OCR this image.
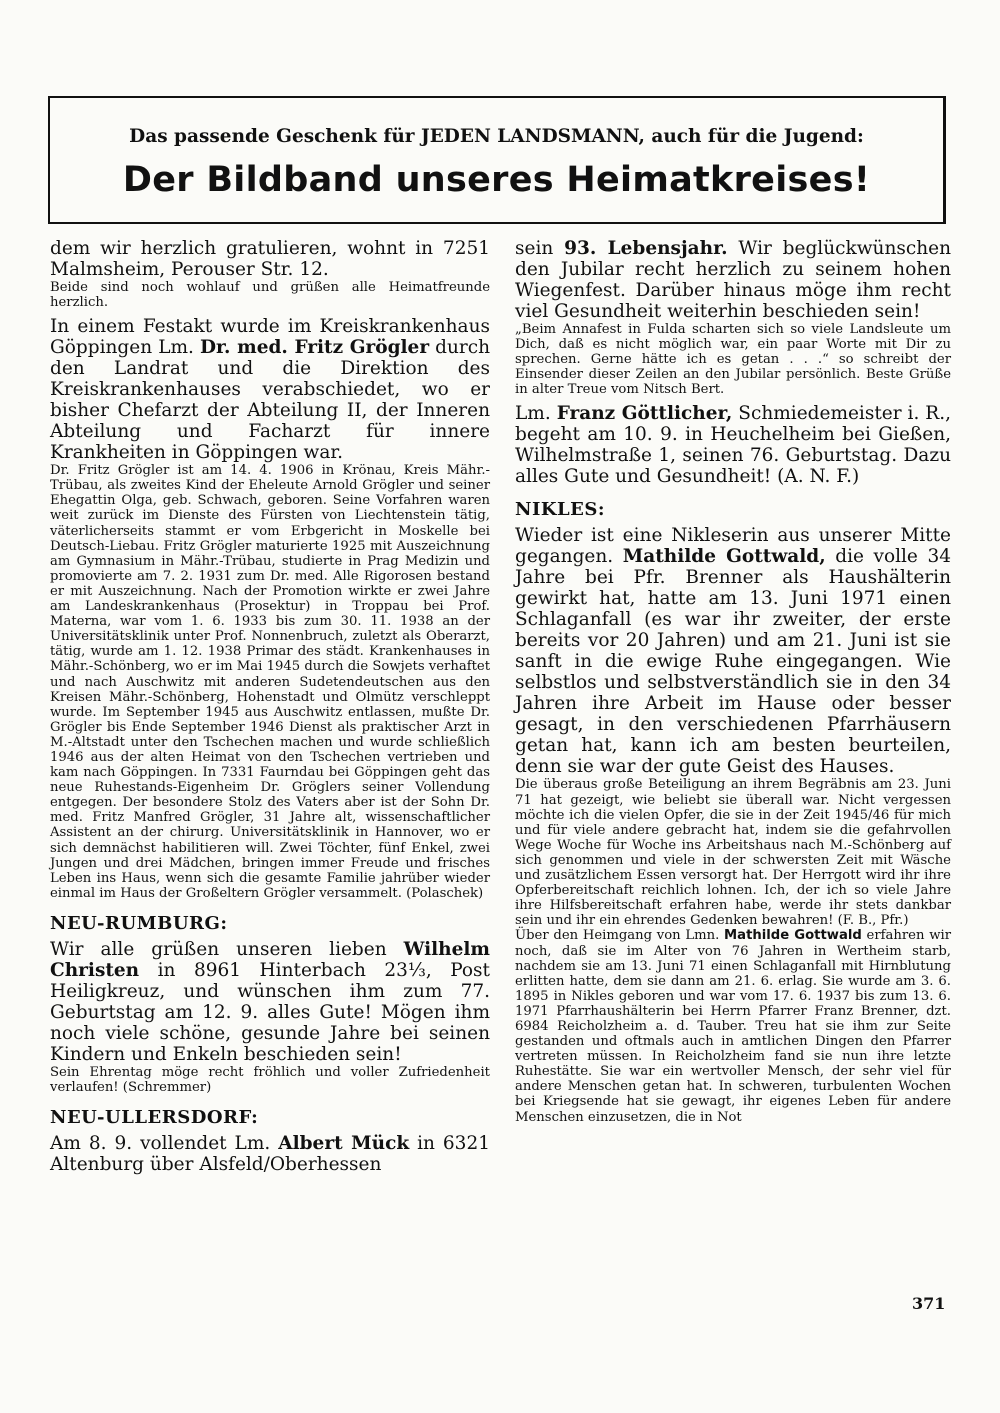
Das passende Geschenk für JEDEN LANDSMANN, auch für die Jugend:
Der Bildband unseres Heimatkreises!

dem wir herzlich gratulieren, wohnt in 7251 Malmsheim, Perouser Str. 12.

Beide sind noch wohlauf und grüßen alle Heimatfreunde herzlich.

In einem Festakt wurde im Kreiskrankenhaus Göppingen Lm. Dr. med. Fritz Grögler durch den Landrat und die Direktion des Kreiskrankenhauses verabschiedet, wo er bisher Chefarzt der Abteilung II, der Inneren Abteilung und Facharzt für innere Krankheiten in Göppingen war.

Dr. Fritz Grögler ist am 14. 4. 1906 in Krönau, Kreis Mähr.-Trübau, als zweites Kind der Eheleute Arnold Grögler und seiner Ehegattin Olga, geb. Schwach, geboren. Seine Vorfahren waren weit zurück im Dienste des Fürsten von Liechtenstein tätig, väterlicherseits stammt er vom Erbgericht in Moskelle bei Deutsch-Liebau. Fritz Grögler maturierte 1925 mit Auszeichnung am Gymnasium in Mähr.-Trübau, studierte in Prag Medizin und promovierte am 7. 2. 1931 zum Dr. med. Alle Rigorosen bestand er mit Auszeichnung. Nach der Promotion wirkte er zwei Jahre am Landeskrankenhaus (Prosektur) in Troppau bei Prof. Materna, war vom 1. 6. 1933 bis zum 30. 11. 1938 an der Universitätsklinik unter Prof. Nonnenbruch, zuletzt als Oberarzt, tätig, wurde am 1. 12. 1938 Primar des städt. Krankenhauses in Mähr.-Schönberg, wo er im Mai 1945 durch die Sowjets verhaftet und nach Auschwitz mit anderen Sudetendeutschen aus den Kreisen Mähr.-Schönberg, Hohenstadt und Olmütz verschleppt wurde. Im September 1945 aus Auschwitz entlassen, mußte Dr. Grögler bis Ende September 1946 Dienst als praktischer Arzt in M.-Altstadt unter den Tschechen machen und wurde schließlich 1946 aus der alten Heimat von den Tschechen vertrieben und kam nach Göppingen. In 7331 Faurndau bei Göppingen geht das neue Ruhestands-Eigenheim Dr. Gröglers seiner Vollendung entgegen. Der besondere Stolz des Vaters aber ist der Sohn Dr. med. Fritz Manfred Grögler, 31 Jahre alt, wissenschaftlicher Assistent an der chirurg. Universitätsklinik in Hannover, wo er sich demnächst habilitieren will. Zwei Töchter, fünf Enkel, zwei Jungen und drei Mädchen, bringen immer Freude und frisches Leben ins Haus, wenn sich die gesamte Familie jahrüber wieder einmal im Haus der Großeltern Grögler versammelt. (Polaschek)

NEU-RUMBURG:

Wir alle grüßen unseren lieben Wilhelm Christen in 8961 Hinterbach 23⅓, Post Heiligkreuz, und wünschen ihm zum 77. Geburtstag am 12. 9. alles Gute! Mögen ihm noch viele schöne, gesunde Jahre bei seinen Kindern und Enkeln beschieden sein!

Sein Ehrentag möge recht fröhlich und voller Zufriedenheit verlaufen! (Schremmer)

NEU-ULLERSDORF:

Am 8. 9. vollendet Lm. Albert Mück in 6321 Altenburg über Alsfeld/Oberhessen

sein 93. Lebensjahr. Wir beglückwünschen den Jubilar recht herzlich zu seinem hohen Wiegenfest. Darüber hinaus möge ihm recht viel Gesundheit weiterhin beschieden sein!

„Beim Annafest in Fulda scharten sich so viele Landsleute um Dich, daß es nicht möglich war, ein paar Worte mit Dir zu sprechen. Gerne hätte ich es getan . . .“ so schreibt der Einsender dieser Zeilen an den Jubilar persönlich. Beste Grüße in alter Treue vom Nitsch Bert.

Lm. Franz Göttlicher, Schmiedemeister i. R., begeht am 10. 9. in Heuchelheim bei Gießen, Wilhelmstraße 1, seinen 76. Geburtstag. Dazu alles Gute und Gesundheit! (A. N. F.)

NIKLES:

Wieder ist eine Nikleserin aus unserer Mitte gegangen. Mathilde Gottwald, die volle 34 Jahre bei Pfr. Brenner als Haushälterin gewirkt hat, hatte am 13. Juni 1971 einen Schlaganfall (es war ihr zweiter, der erste bereits vor 20 Jahren) und am 21. Juni ist sie sanft in die ewige Ruhe eingegangen. Wie selbstlos und selbstverständlich sie in den 34 Jahren ihre Arbeit im Hause oder besser gesagt, in den verschiedenen Pfarrhäusern getan hat, kann ich am besten beurteilen, denn sie war der gute Geist des Hauses.

Die überaus große Beteiligung an ihrem Begräbnis am 23. Juni 71 hat gezeigt, wie beliebt sie überall war. Nicht vergessen möchte ich die vielen Opfer, die sie in der Zeit 1945/46 für mich und für viele andere gebracht hat, indem sie die gefahrvollen Wege Woche für Woche ins Arbeitshaus nach M.-Schönberg auf sich genommen und viele in der schwersten Zeit mit Wäsche und zusätzlichem Essen versorgt hat. Der Herrgott wird ihr ihre Opferbereitschaft reichlich lohnen. Ich, der ich so viele Jahre ihre Hilfsbereitschaft erfahren habe, werde ihr stets dankbar sein und ihr ein ehrendes Gedenken bewahren! (F. B., Pfr.)

Über den Heimgang von Lmn. Mathilde Gottwald erfahren wir noch, daß sie im Alter von 76 Jahren in Wertheim starb, nachdem sie am 13. Juni 71 einen Schlaganfall mit Hirnblutung erlitten hatte, dem sie dann am 21. 6. erlag. Sie wurde am 3. 6. 1895 in Nikles geboren und war vom 17. 6. 1937 bis zum 13. 6. 1971 Pfarrhaushälterin bei Herrn Pfarrer Franz Brenner, dzt. 6984 Reicholzheim a. d. Tauber. Treu hat sie ihm zur Seite gestanden und oftmals auch in amtlichen Dingen den Pfarrer vertreten müssen. In Reicholzheim fand sie nun ihre letzte Ruhestätte. Sie war ein wertvoller Mensch, der sehr viel für andere Menschen getan hat. In schweren, turbulenten Wochen bei Kriegsende hat sie gewagt, ihr eigenes Leben für andere Menschen einzusetzen, die in Not

371
